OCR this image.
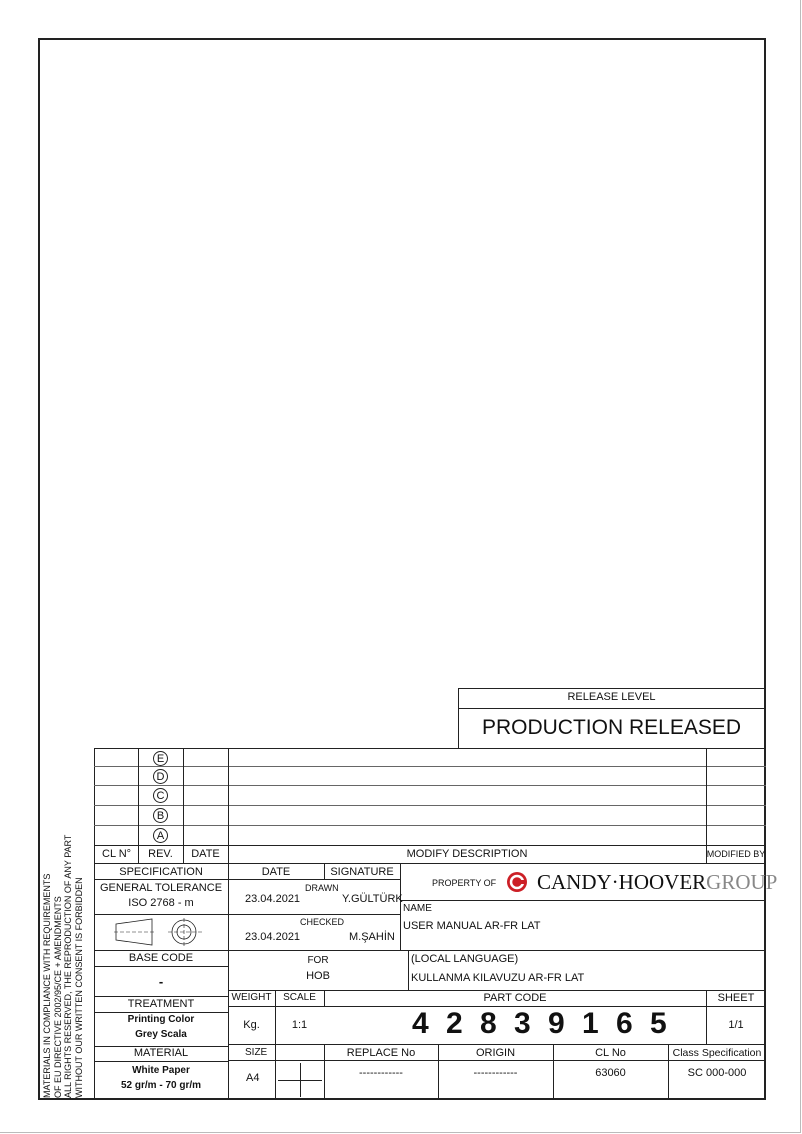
RELEASE LEVEL
PRODUCTION RELEASED
E
D
C
B
A
CL N°	REV.	DATE	MODIFY DESCRIPTION	MODIFIED BY
MATERIALS IN COMPLIANCE WITH REQUIREMENTS OF EU DIRECTIVE 2002/95/CE + AMENDMENTS ALL RIGHTS RESERVED, THE REPRODUCTION OF ANY PART WITHOUT OUR WRITTEN CONSENT IS FORBIDDEN
SPECIFICATION
GENERAL TOLERANCE
ISO 2768 - m
BASE CODE
-
TREATMENT
Printing Color
Grey Scala
MATERIAL
White Paper
52 gr/m - 70 gr/m
DATE	SIGNATURE
DRAWN
23.04.2021	Y.GÜLTÜRK
CHECKED
23.04.2021	M.ŞAHİN
FOR
HOB
PROPERTY OF CANDY·HOOVERGROUP
NAME
USER MANUAL AR-FR LAT
(LOCAL LANGUAGE)
KULLANMA KILAVUZU AR-FR LAT
WEIGHT	SCALE	PART CODE	SHEET
Kg.	1:1	4 2 8 3 9 1 6 5	1/1
SIZE	REPLACE No	ORIGIN	CL No	Class Specification
A4	------------	------------	63060	SC 000-000
